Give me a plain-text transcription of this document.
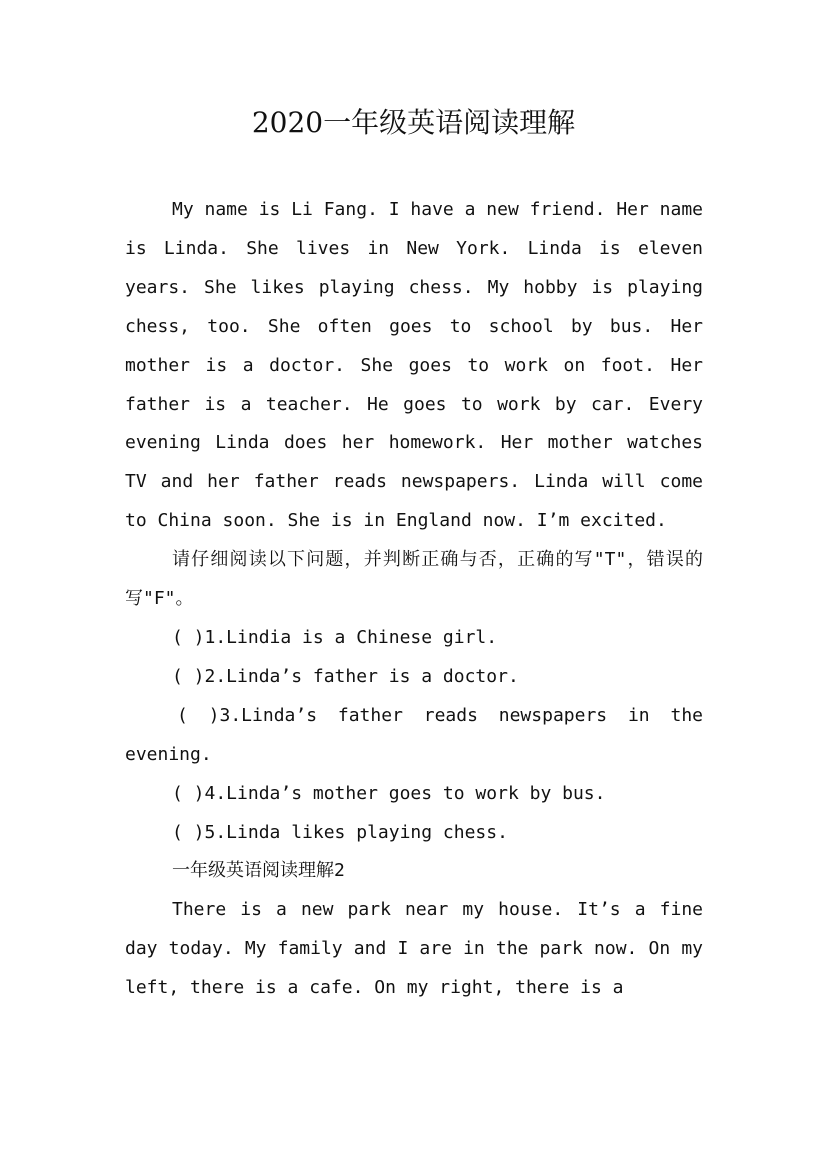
2020一年级英语阅读理解

My name is Li Fang. I have a new friend. Her name is Linda. She lives in New York. Linda is eleven years. She likes playing chess. My hobby is playing chess, too. She often goes to school by bus. Her mother is a doctor. She goes to work on foot. Her father is a teacher. He goes to work by car. Every evening Linda does her homework. Her mother watches TV and her father reads newspapers. Linda will come to China soon. She is in England now. I’m excited.

请仔细阅读以下问题，并判断正确与否，正确的写"T"，错误的写"F"。

( )1.Lindia is a Chinese girl.

( )2.Linda’s father is a doctor.

( )3.Linda’s father reads newspapers in the evening.

( )4.Linda’s mother goes to work by bus.

( )5.Linda likes playing chess.

一年级英语阅读理解2

There is a new park near my house. It’s a fine day today. My family and I are in the park now. On my left, there is a cafe. On my right, there is a
